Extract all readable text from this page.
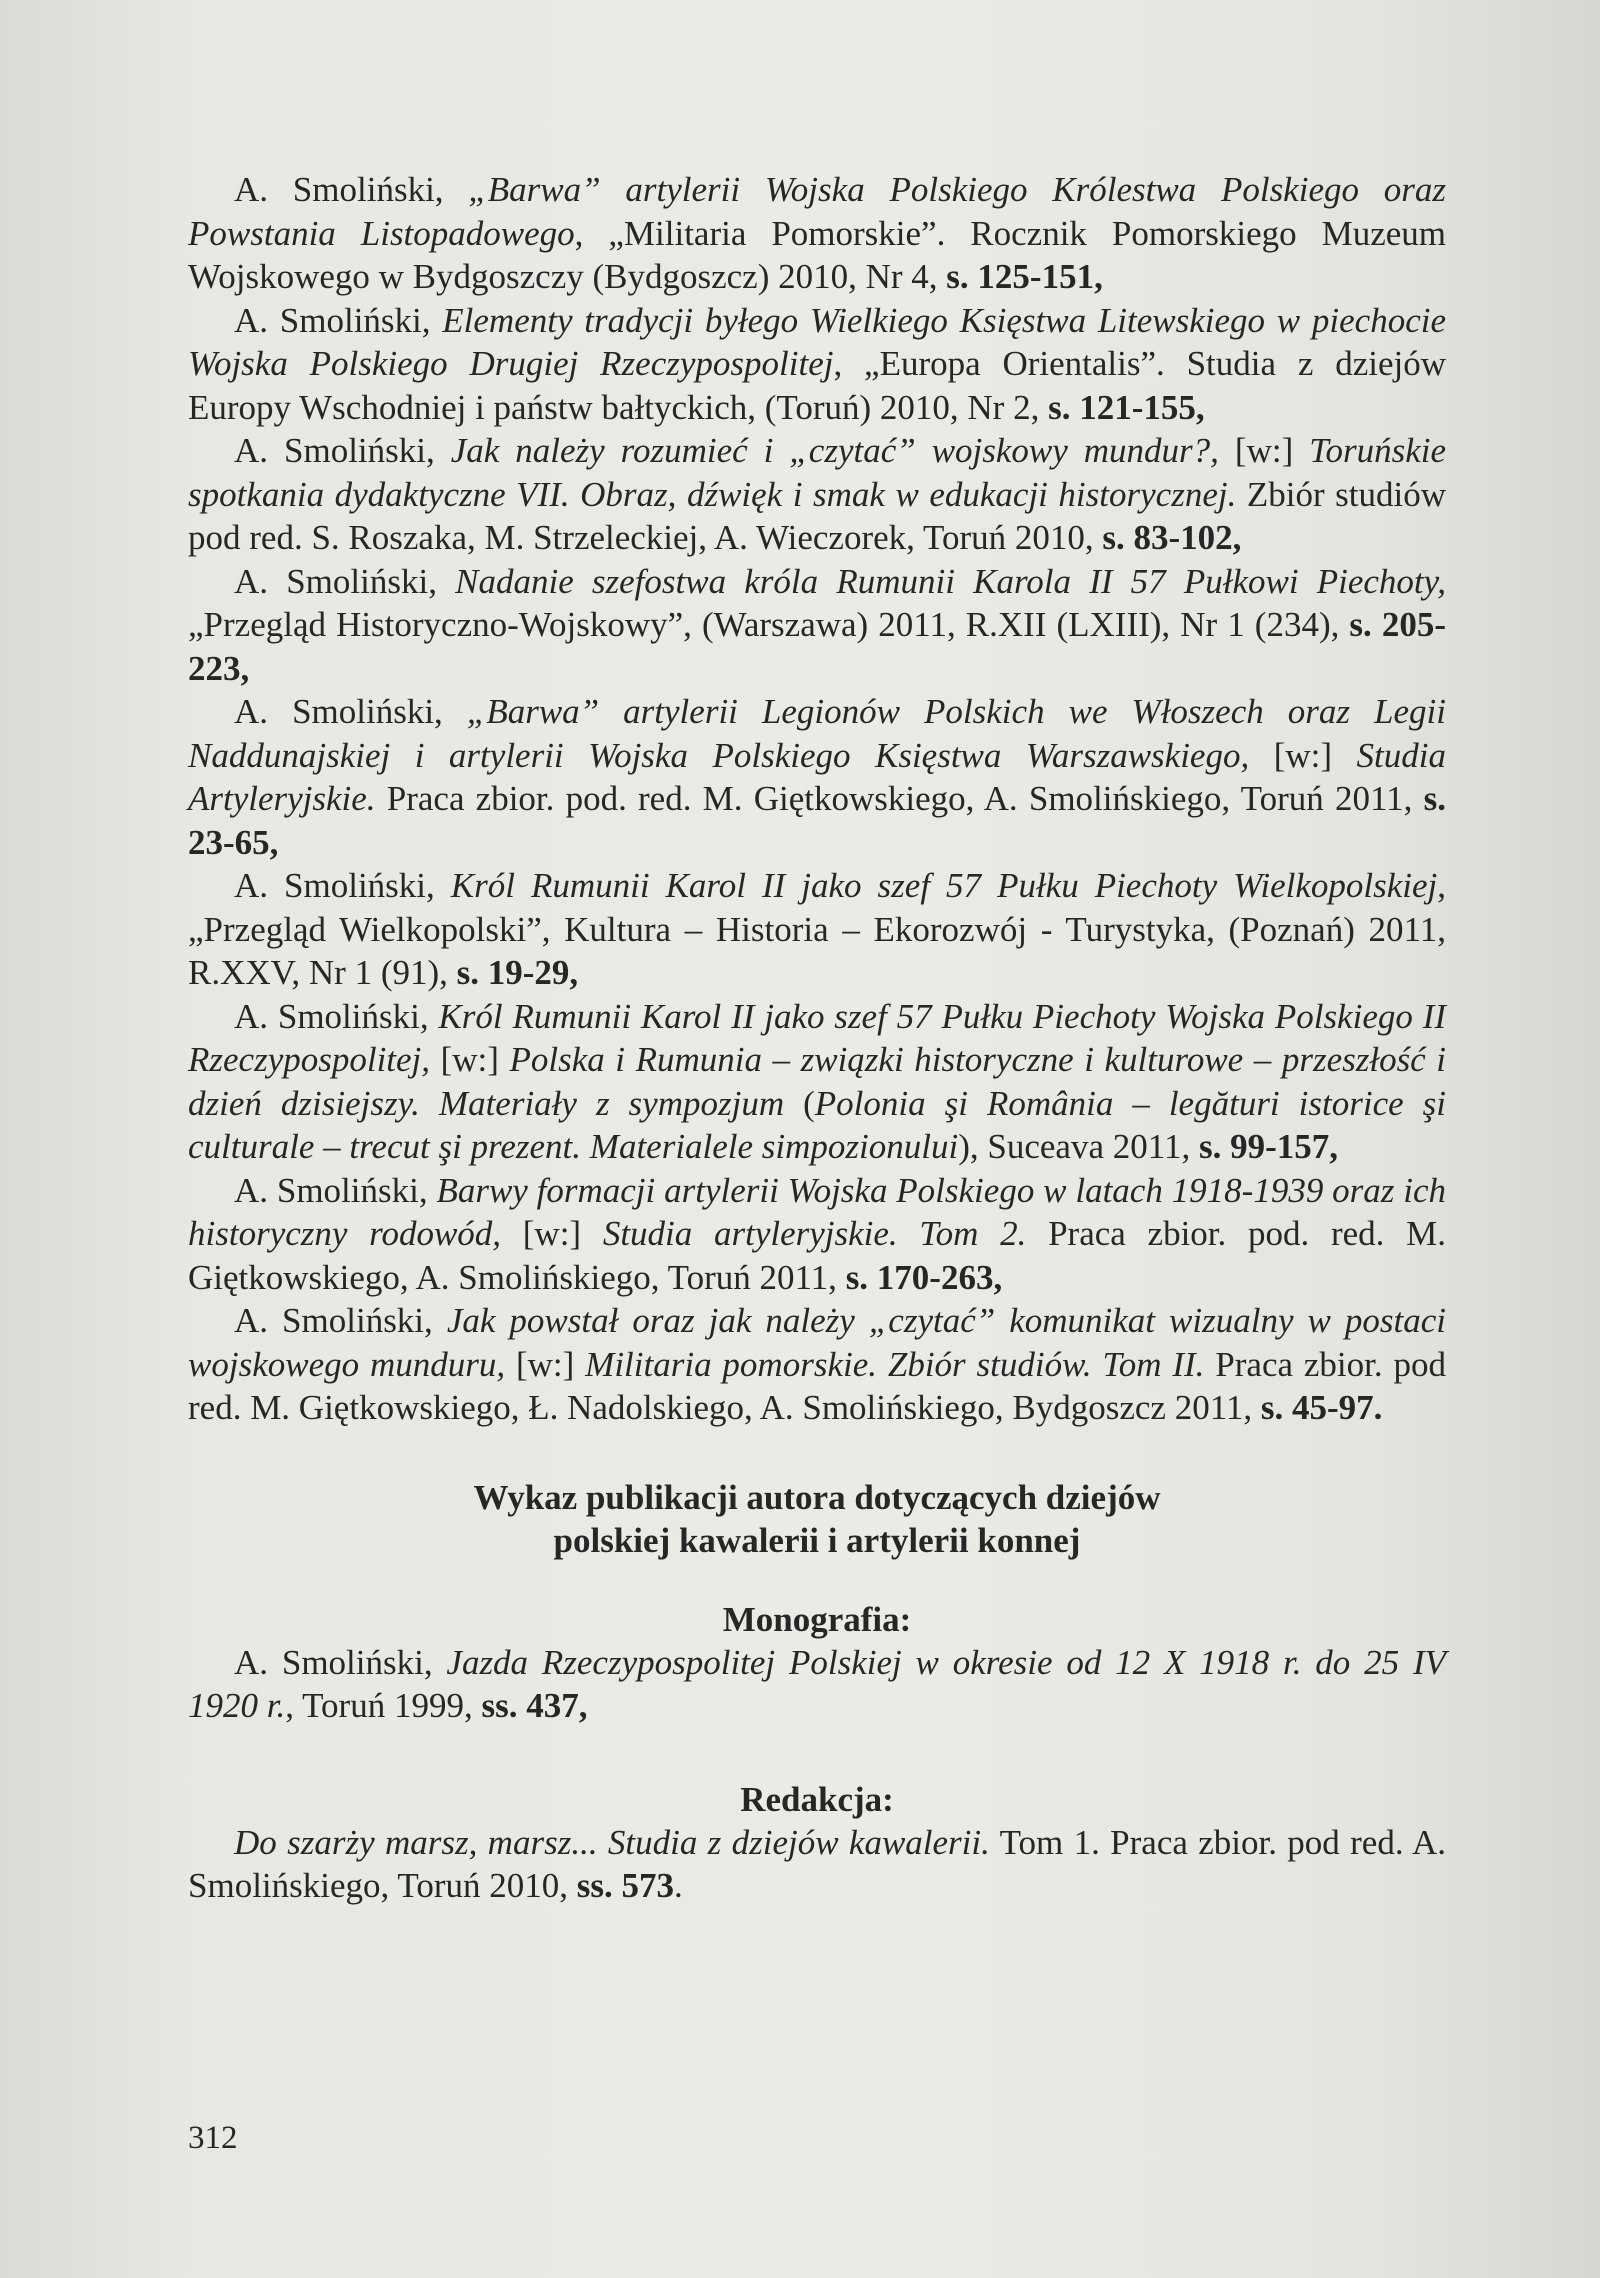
A. Smoliński, „Barwa” artylerii Wojska Polskiego Królestwa Polskiego oraz Powstania Listopadowego, „Militaria Pomorskie”. Rocznik Pomorskiego Muzeum Wojskowego w Bydgoszczy (Bydgoszcz) 2010, Nr 4, s. 125-151,

A. Smoliński, Elementy tradycji byłego Wielkiego Księstwa Litewskiego w piechocie Wojska Polskiego Drugiej Rzeczypospolitej, „Europa Orientalis”. Studia z dziejów Europy Wschodniej i państw bałtyckich, (Toruń) 2010, Nr 2, s. 121-155,

A. Smoliński, Jak należy rozumieć i „czytać” wojskowy mundur?, [w:] Toruńskie spotkania dydaktyczne VII. Obraz, dźwięk i smak w edukacji historycznej. Zbiór studiów pod red. S. Roszaka, M. Strzeleckiej, A. Wieczorek, Toruń 2010, s. 83-102,

A. Smoliński, Nadanie szefostwa króla Rumunii Karola II 57 Pułkowi Piechoty, „Przegląd Historyczno-Wojskowy”, (Warszawa) 2011, R.XII (LXIII), Nr 1 (234), s. 205-223,

A. Smoliński, „Barwa” artylerii Legionów Polskich we Włoszech oraz Legii Naddunajskiej i artylerii Wojska Polskiego Księstwa Warszawskiego, [w:] Studia Artyleryjskie. Praca zbior. pod. red. M. Giętkowskiego, A. Smolińskiego, Toruń 2011, s. 23-65,

A. Smoliński, Król Rumunii Karol II jako szef 57 Pułku Piechoty Wielkopolskiej, „Przegląd Wielkopolski”, Kultura – Historia – Ekorozwój - Turystyka, (Poznań) 2011, R.XXV, Nr 1 (91), s. 19-29,

A. Smoliński, Król Rumunii Karol II jako szef 57 Pułku Piechoty Wojska Polskiego II Rzeczypospolitej, [w:] Polska i Rumunia – związki historyczne i kulturowe – przeszłość i dzień dzisiejszy. Materiały z sympozjum (Polonia şi România – legături istorice şi culturale – trecut şi prezent. Materialele simpozionului), Suceava 2011, s. 99-157,

A. Smoliński, Barwy formacji artylerii Wojska Polskiego w latach 1918-1939 oraz ich historyczny rodowód, [w:] Studia artyleryjskie. Tom 2. Praca zbior. pod. red. M. Giętkowskiego, A. Smolińskiego, Toruń 2011, s. 170-263,

A. Smoliński, Jak powstał oraz jak należy „czytać” komunikat wizualny w postaci wojskowego munduru, [w:] Militaria pomorskie. Zbiór studiów. Tom II. Praca zbior. pod red. M. Giętkowskiego, Ł. Nadolskiego, A. Smolińskiego, Bydgoszcz 2011, s. 45-97.

Wykaz publikacji autora dotyczących dziejów
polskiej kawalerii i artylerii konnej
Monografia:

A. Smoliński, Jazda Rzeczypospolitej Polskiej w okresie od 12 X 1918 r. do 25 IV 1920 r., Toruń 1999, ss. 437,

Redakcja:

Do szarży marsz, marsz... Studia z dziejów kawalerii. Tom 1. Praca zbior. pod red. A. Smolińskiego, Toruń 2010, ss. 573.

312
